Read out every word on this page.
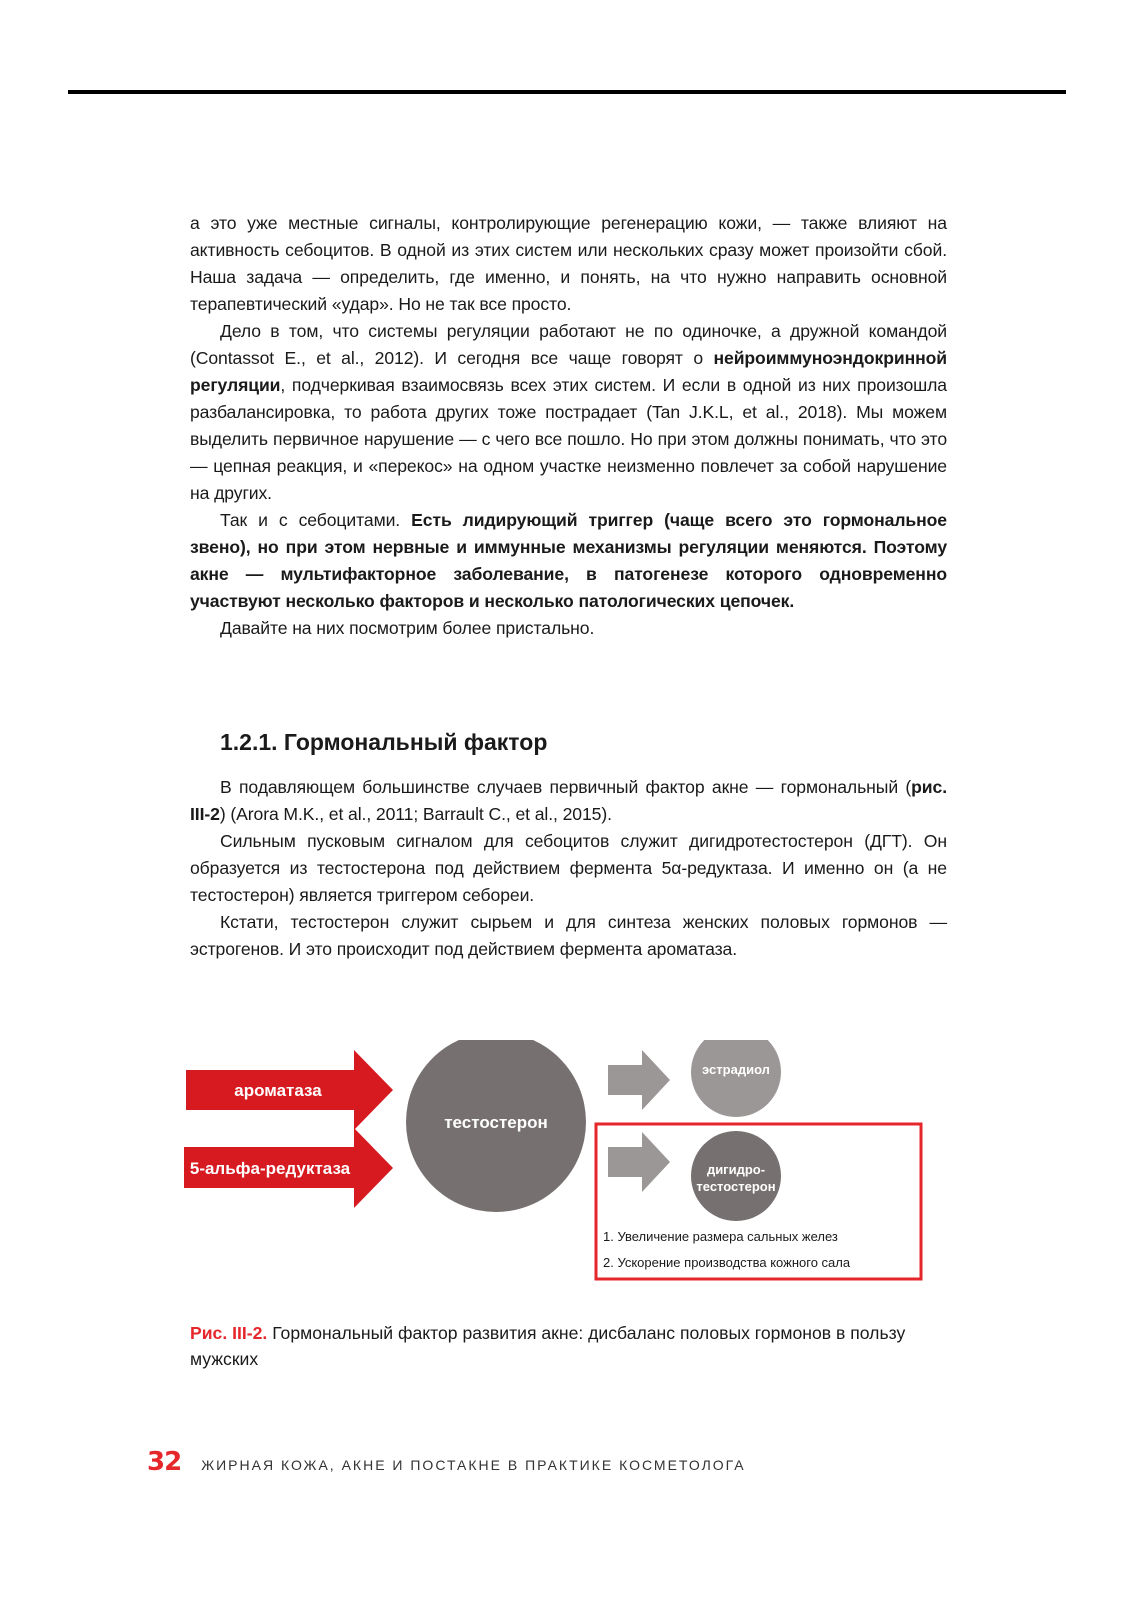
а это уже местные сигналы, контролирующие регенерацию кожи, — также влияют на активность себоцитов. В одной из этих систем или нескольких сразу может произойти сбой. Наша задача — определить, где именно, и понять, на что нужно направить основной терапевтический «удар». Но не так все просто.

Дело в том, что системы регуляции работают не по одиночке, а дружной командой (Contassot E., et al., 2012). И сегодня все чаще говорят о нейроиммуноэндокринной регуляции, подчеркивая взаимосвязь всех этих систем. И если в одной из них произошла разбалансировка, то работа других тоже пострадает (Tan J.K.L, et al., 2018). Мы можем выделить первичное нарушение — с чего все пошло. Но при этом должны понимать, что это — цепная реакция, и «перекос» на одном участке неизменно повлечет за собой нарушение на других.

Так и с себоцитами. Есть лидирующий триггер (чаще всего это гормональное звено), но при этом нервные и иммунные механизмы регуляции меняются. Поэтому акне — мультифакторное заболевание, в патогенезе которого одновременно участвуют несколько факторов и несколько патологических цепочек.

Давайте на них посмотрим более пристально.

1.2.1. Гормональный фактор

В подавляющем большинстве случаев первичный фактор акне — гормональный (рис. III-2) (Arora M.K., et al., 2011; Barrault C., et al., 2015).

Сильным пусковым сигналом для себоцитов служит дигидротестостерон (ДГТ). Он образуется из тестостерона под действием фермента 5α-редуктаза. И именно он (а не тестостерон) является триггером себореи.

Кстати, тестостерон служит сырьем и для синтеза женских половых гормонов — эстрогенов. И это происходит под действием фермента ароматаза.

ароматаза
5-альфа-редуктаза
тестостерон
эстрадиол
дигидро-
тестостерон
1. Увеличение размера сальных желез
2. Ускорение производства кожного сала
Рис. III-2. Гормональный фактор развития акне: дисбаланс половых гормонов в пользу мужских
32 ЖИРНАЯ КОЖА, АКНЕ И ПОСТАКНЕ В ПРАКТИКЕ КОСМЕТОЛОГА
